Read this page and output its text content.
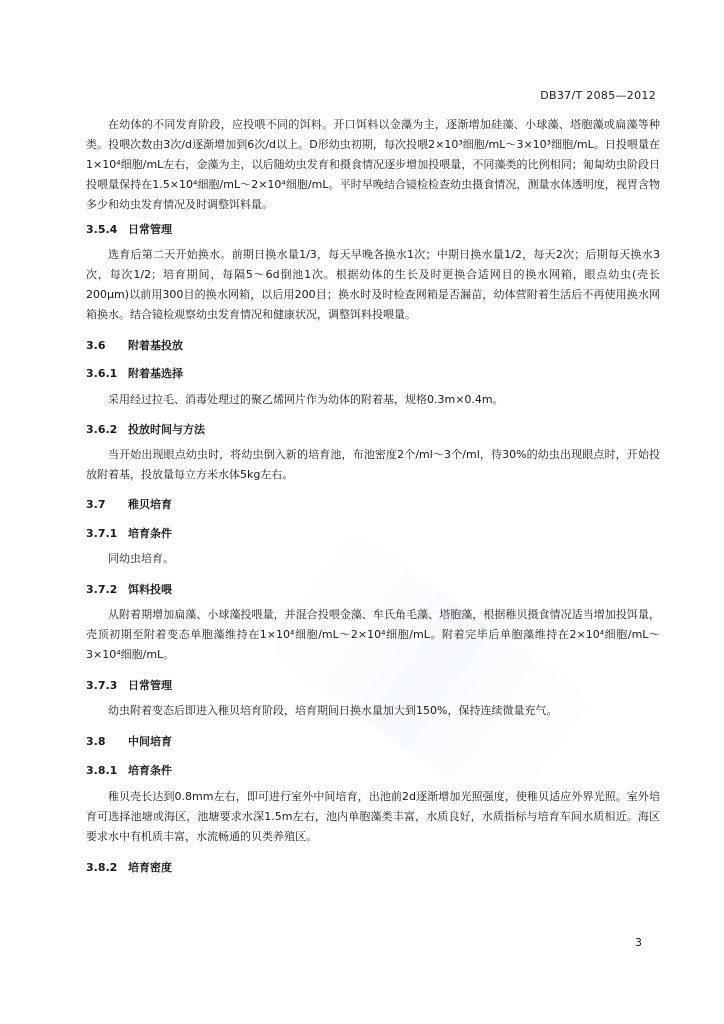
DB37/T 2085—2012

在幼体的不同发育阶段，应投喂不同的饵料。开口饵料以金藻为主，逐渐增加硅藻、小球藻、塔胞藻或扁藻等种类。投喂次数由3次/d逐渐增加到6次/d以上。D形幼虫初期，每次投喂2×10³细胞/mL～3×10³细胞/mL。日投喂量在1×10⁴细胞/mL左右，金藻为主，以后随幼虫发育和摄食情况逐步增加投喂量，不同藻类的比例相同；匍匐幼虫阶段日投喂量保持在1.5×10⁴细胞/mL～2×10⁴细胞/mL。平时早晚结合镜检检查幼虫摄食情况，测量水体透明度，视胃含物多少和幼虫发育情况及时调整饵料量。

3.5.4 日常管理

选育后第二天开始换水。前期日换水量1/3，每天早晚各换水1次；中期日换水量1/2，每天2次；后期每天换水3次，每次1/2；培育期间，每隔5～6d倒池1次。根据幼体的生长及时更换合适网目的换水网箱，眼点幼虫(壳长200μm)以前用300目的换水网箱，以后用200目；换水时及时检查网箱是否漏苗，幼体营附着生活后不再使用换水网箱换水。结合镜检观察幼虫发育情况和健康状况，调整饵料投喂量。

3.6 附着基投放
3.6.1 附着基选择

采用经过拉毛、消毒处理过的聚乙烯网片作为幼体的附着基，规格0.3m×0.4m。

3.6.2 投放时间与方法

当开始出现眼点幼虫时，将幼虫倒入新的培育池，布池密度2个/ml～3个/ml，待30%的幼虫出现眼点时，开始投放附着基，投放量每立方米水体5kg左右。

3.7 稚贝培育
3.7.1 培育条件

同幼虫培育。

3.7.2 饵料投喂

从附着期增加扁藻、小球藻投喂量，并混合投喂金藻、牟氏角毛藻、塔胞藻，根据稚贝摄食情况适当增加投饵量，壳顶初期至附着变态单胞藻维持在1×10⁴细胞/mL～2×10⁴细胞/mL。附着完毕后单胞藻维持在2×10⁴细胞/mL～3×10⁴细胞/mL。

3.7.3 日常管理

幼虫附着变态后即进入稚贝培育阶段，培育期间日换水量加大到150%，保持连续微量充气。

3.8 中间培育
3.8.1 培育条件

稚贝壳长达到0.8mm左右，即可进行室外中间培育，出池前2d逐渐增加光照强度，使稚贝适应外界光照。室外培育可选择池塘或海区，池塘要求水深1.5m左右，池内单胞藻类丰富，水质良好，水质指标与培育车间水质相近。海区要求水中有机质丰富，水流畅通的贝类养殖区。

3.8.2 培育密度
3
